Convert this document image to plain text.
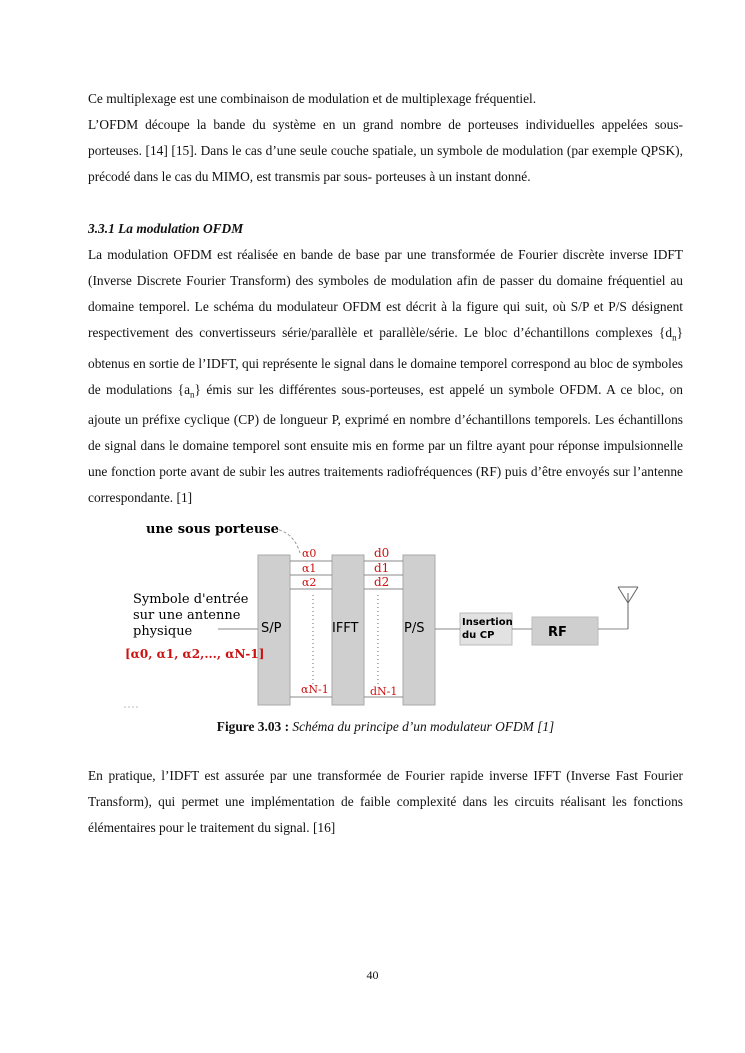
Ce multiplexage est une combinaison de modulation et de multiplexage fréquentiel.

L’OFDM découpe la bande du système en un grand nombre de porteuses individuelles appelées sous-porteuses. [14] [15]. Dans le cas d’une seule couche spatiale, un symbole de modulation (par exemple QPSK), précodé dans le cas du MIMO, est transmis par sous- porteuses à un instant donné.

3.3.1 La modulation OFDM

La modulation OFDM est réalisée en bande de base par une transformée de Fourier discrète inverse IDFT (Inverse Discrete Fourier Transform) des symboles de modulation afin de passer du domaine fréquentiel au domaine temporel. Le schéma du modulateur OFDM est décrit à la figure qui suit, où S/P et P/S désignent respectivement des convertisseurs série/parallèle et parallèle/série. Le bloc d’échantillons complexes $\{d_n\}$ obtenus en sortie de l’IDFT, qui représente le signal dans le domaine temporel correspond au bloc de symboles de modulations $\{a_n\}$ émis sur les différentes sous-porteuses, est appelé un symbole OFDM. A ce bloc, on ajoute un préfixe cyclique (CP) de longueur P, exprimé en nombre d’échantillons temporels. Les échantillons de signal dans le domaine temporel sont ensuite mis en forme par un filtre ayant pour réponse impulsionnelle une fonction porte avant de subir les autres traitements radiofréquences (RF) puis d’être envoyés sur l’antenne correspondante. [1]

une sous porteuse
S/P	IFFT	P/S	Insertion
du CP	RF
α0
α1
α2
αN-1
d0
d1
d2
dN-1
Symbole d'entrée
sur une antenne
physique
[α0, α1, α2,..., αN-1]
Figure 3.03 : Schéma du principe d’un modulateur OFDM [1]

En pratique, l’IDFT est assurée par une transformée de Fourier rapide inverse IFFT (Inverse Fast Fourier Transform), qui permet une implémentation de faible complexité dans les circuits réalisant les fonctions élémentaires pour le traitement du signal. [16]

40
